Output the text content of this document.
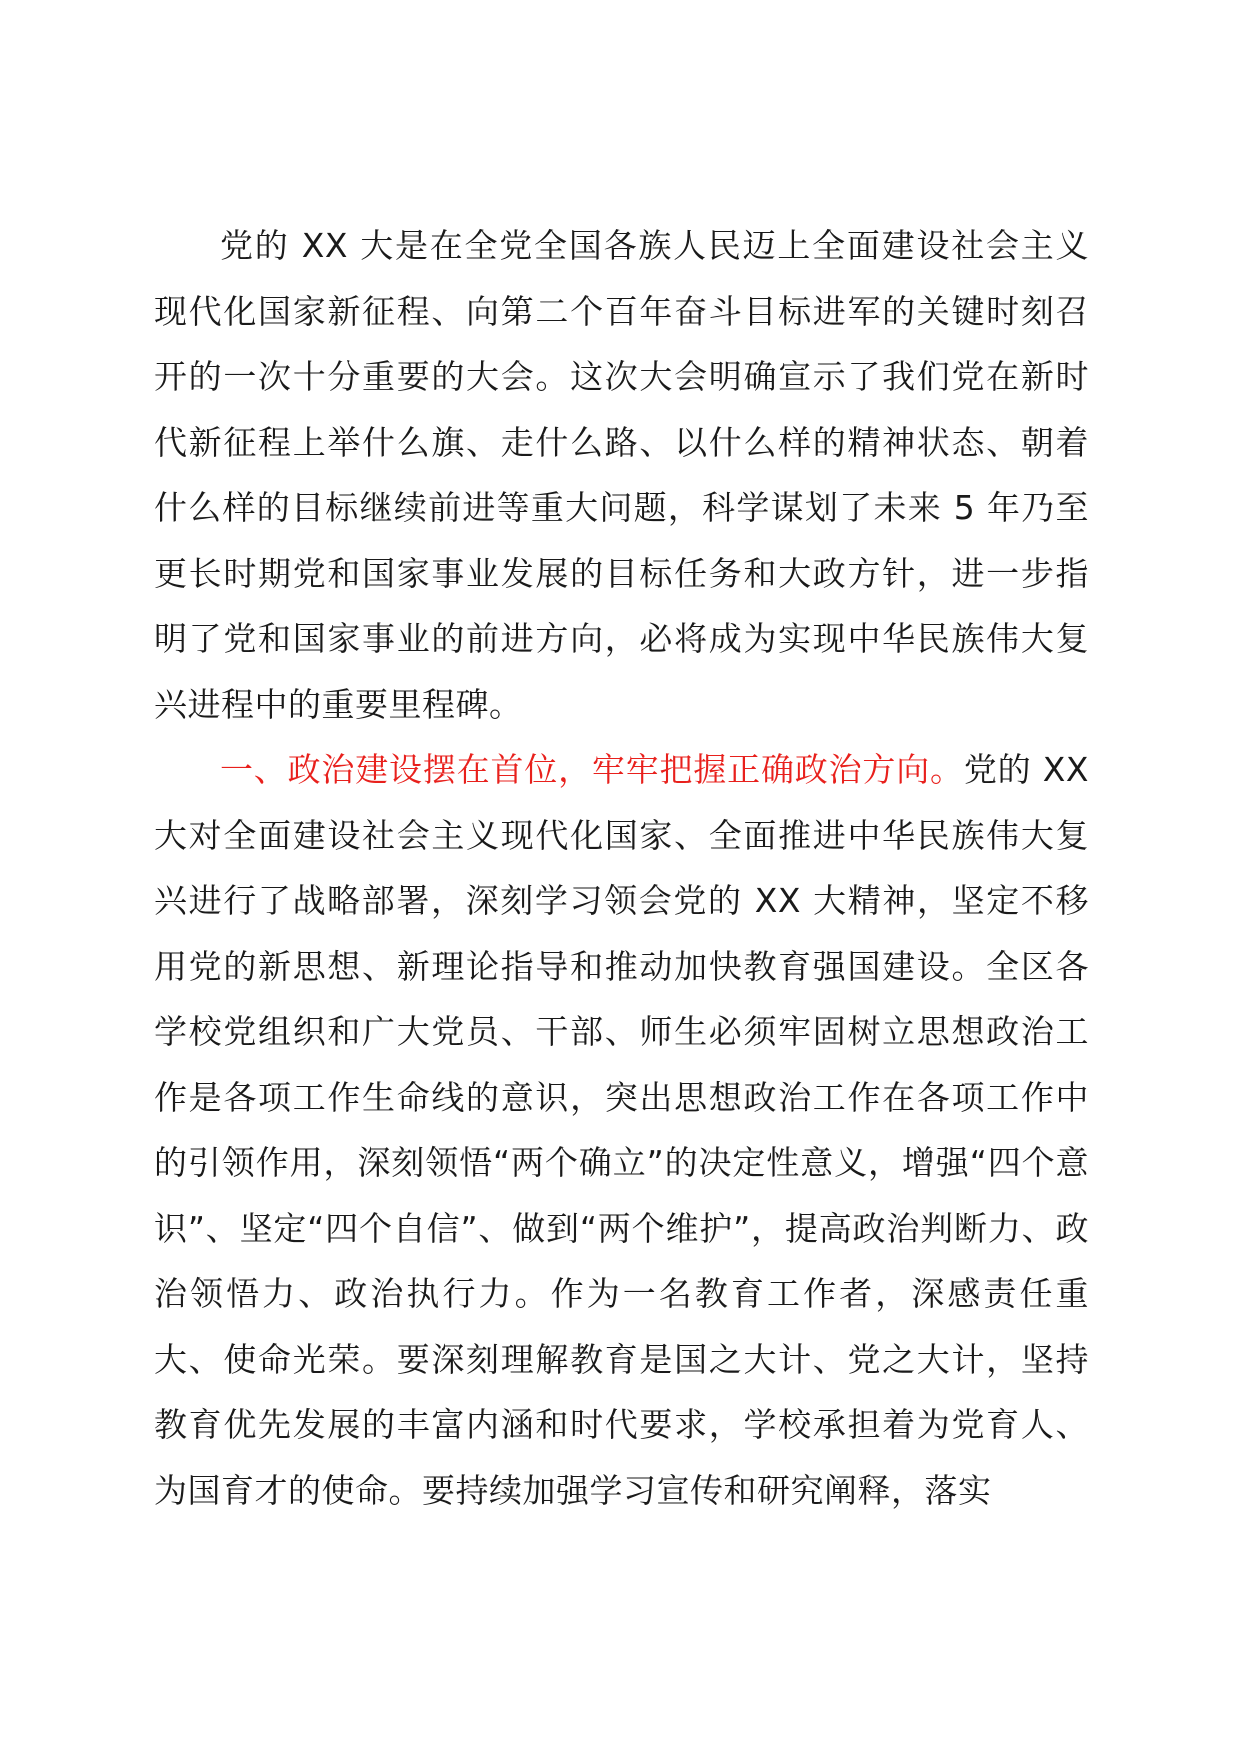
党的 XX 大是在全党全国各族人民迈上全面建设社会主义现代化国家新征程、向第二个百年奋斗目标进军的关键时刻召开的一次十分重要的大会。这次大会明确宣示了我们党在新时代新征程上举什么旗、走什么路、以什么样的精神状态、朝着什么样的目标继续前进等重大问题，科学谋划了未来 5 年乃至更长时期党和国家事业发展的目标任务和大政方针，进一步指明了党和国家事业的前进方向，必将成为实现中华民族伟大复兴进程中的重要里程碑。

一、政治建设摆在首位，牢牢把握正确政治方向。党的 XX 大对全面建设社会主义现代化国家、全面推进中华民族伟大复兴进行了战略部署，深刻学习领会党的 XX 大精神，坚定不移用党的新思想、新理论指导和推动加快教育强国建设。全区各学校党组织和广大党员、干部、师生必须牢固树立思想政治工作是各项工作生命线的意识，突出思想政治工作在各项工作中的引领作用，深刻领悟“两个确立”的决定性意义，增强“四个意识”、坚定“四个自信”、做到“两个维护”，提高政治判断力、政治领悟力、政治执行力。作为一名教育工作者，深感责任重大、使命光荣。要深刻理解教育是国之大计、党之大计，坚持教育优先发展的丰富内涵和时代要求，学校承担着为党育人、为国育才的使命。要持续加强学习宣传和研究阐释，落实
